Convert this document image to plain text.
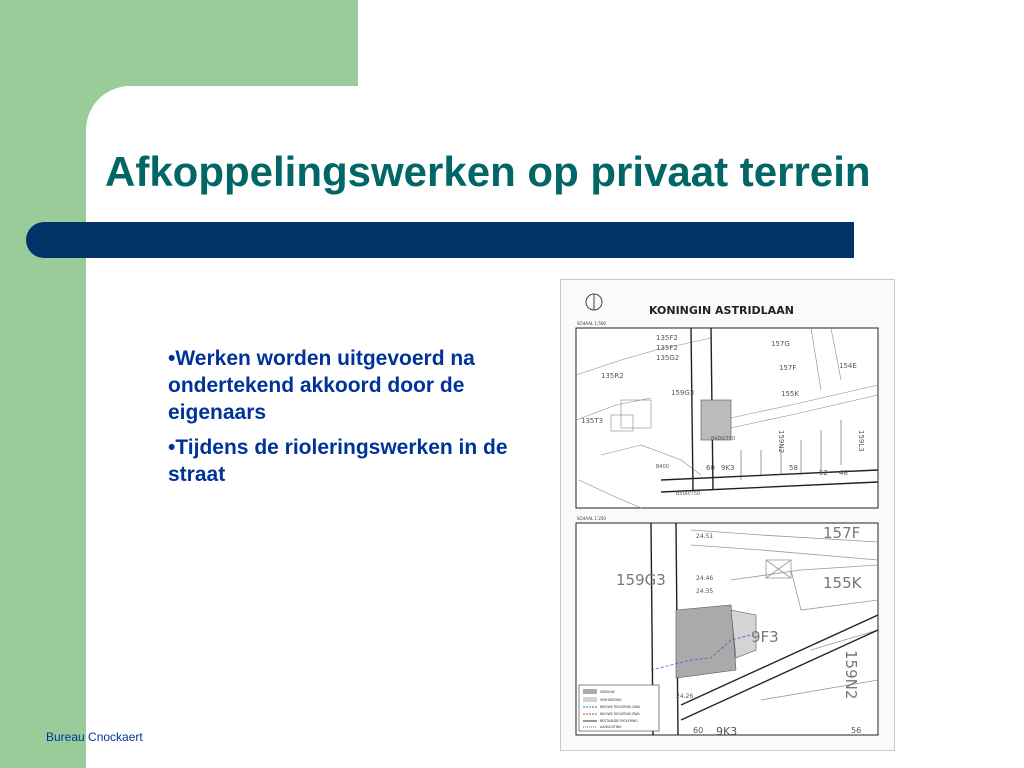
Afkoppelingswerken op privaat terrein
•Werken worden uitgevoerd na ondertekend akkoord door de eigenaars
•Tijdens de rioleringswerken in de straat
Bureau Cnockaert
KONINGIN ASTRIDLAAN
SCHAAL 1:500
135F2
135F2
135G2
157G
154E
135R2
157F
155K
159G3
159L3
159N2
135T3
60 9K3	58
52 48
B400
B400/750
B500/750
SCHAAL 1:250
157F
155K
159G3
9F3
159N2
24.51
24.46
24.35
24.26
9K3
60	56
GEBOUW
VERHARDING
NIEUWE RIOLERING DWA
NIEUWE RIOLERING RWA
BESTAANDE RIOLERING
AANSLUITING
